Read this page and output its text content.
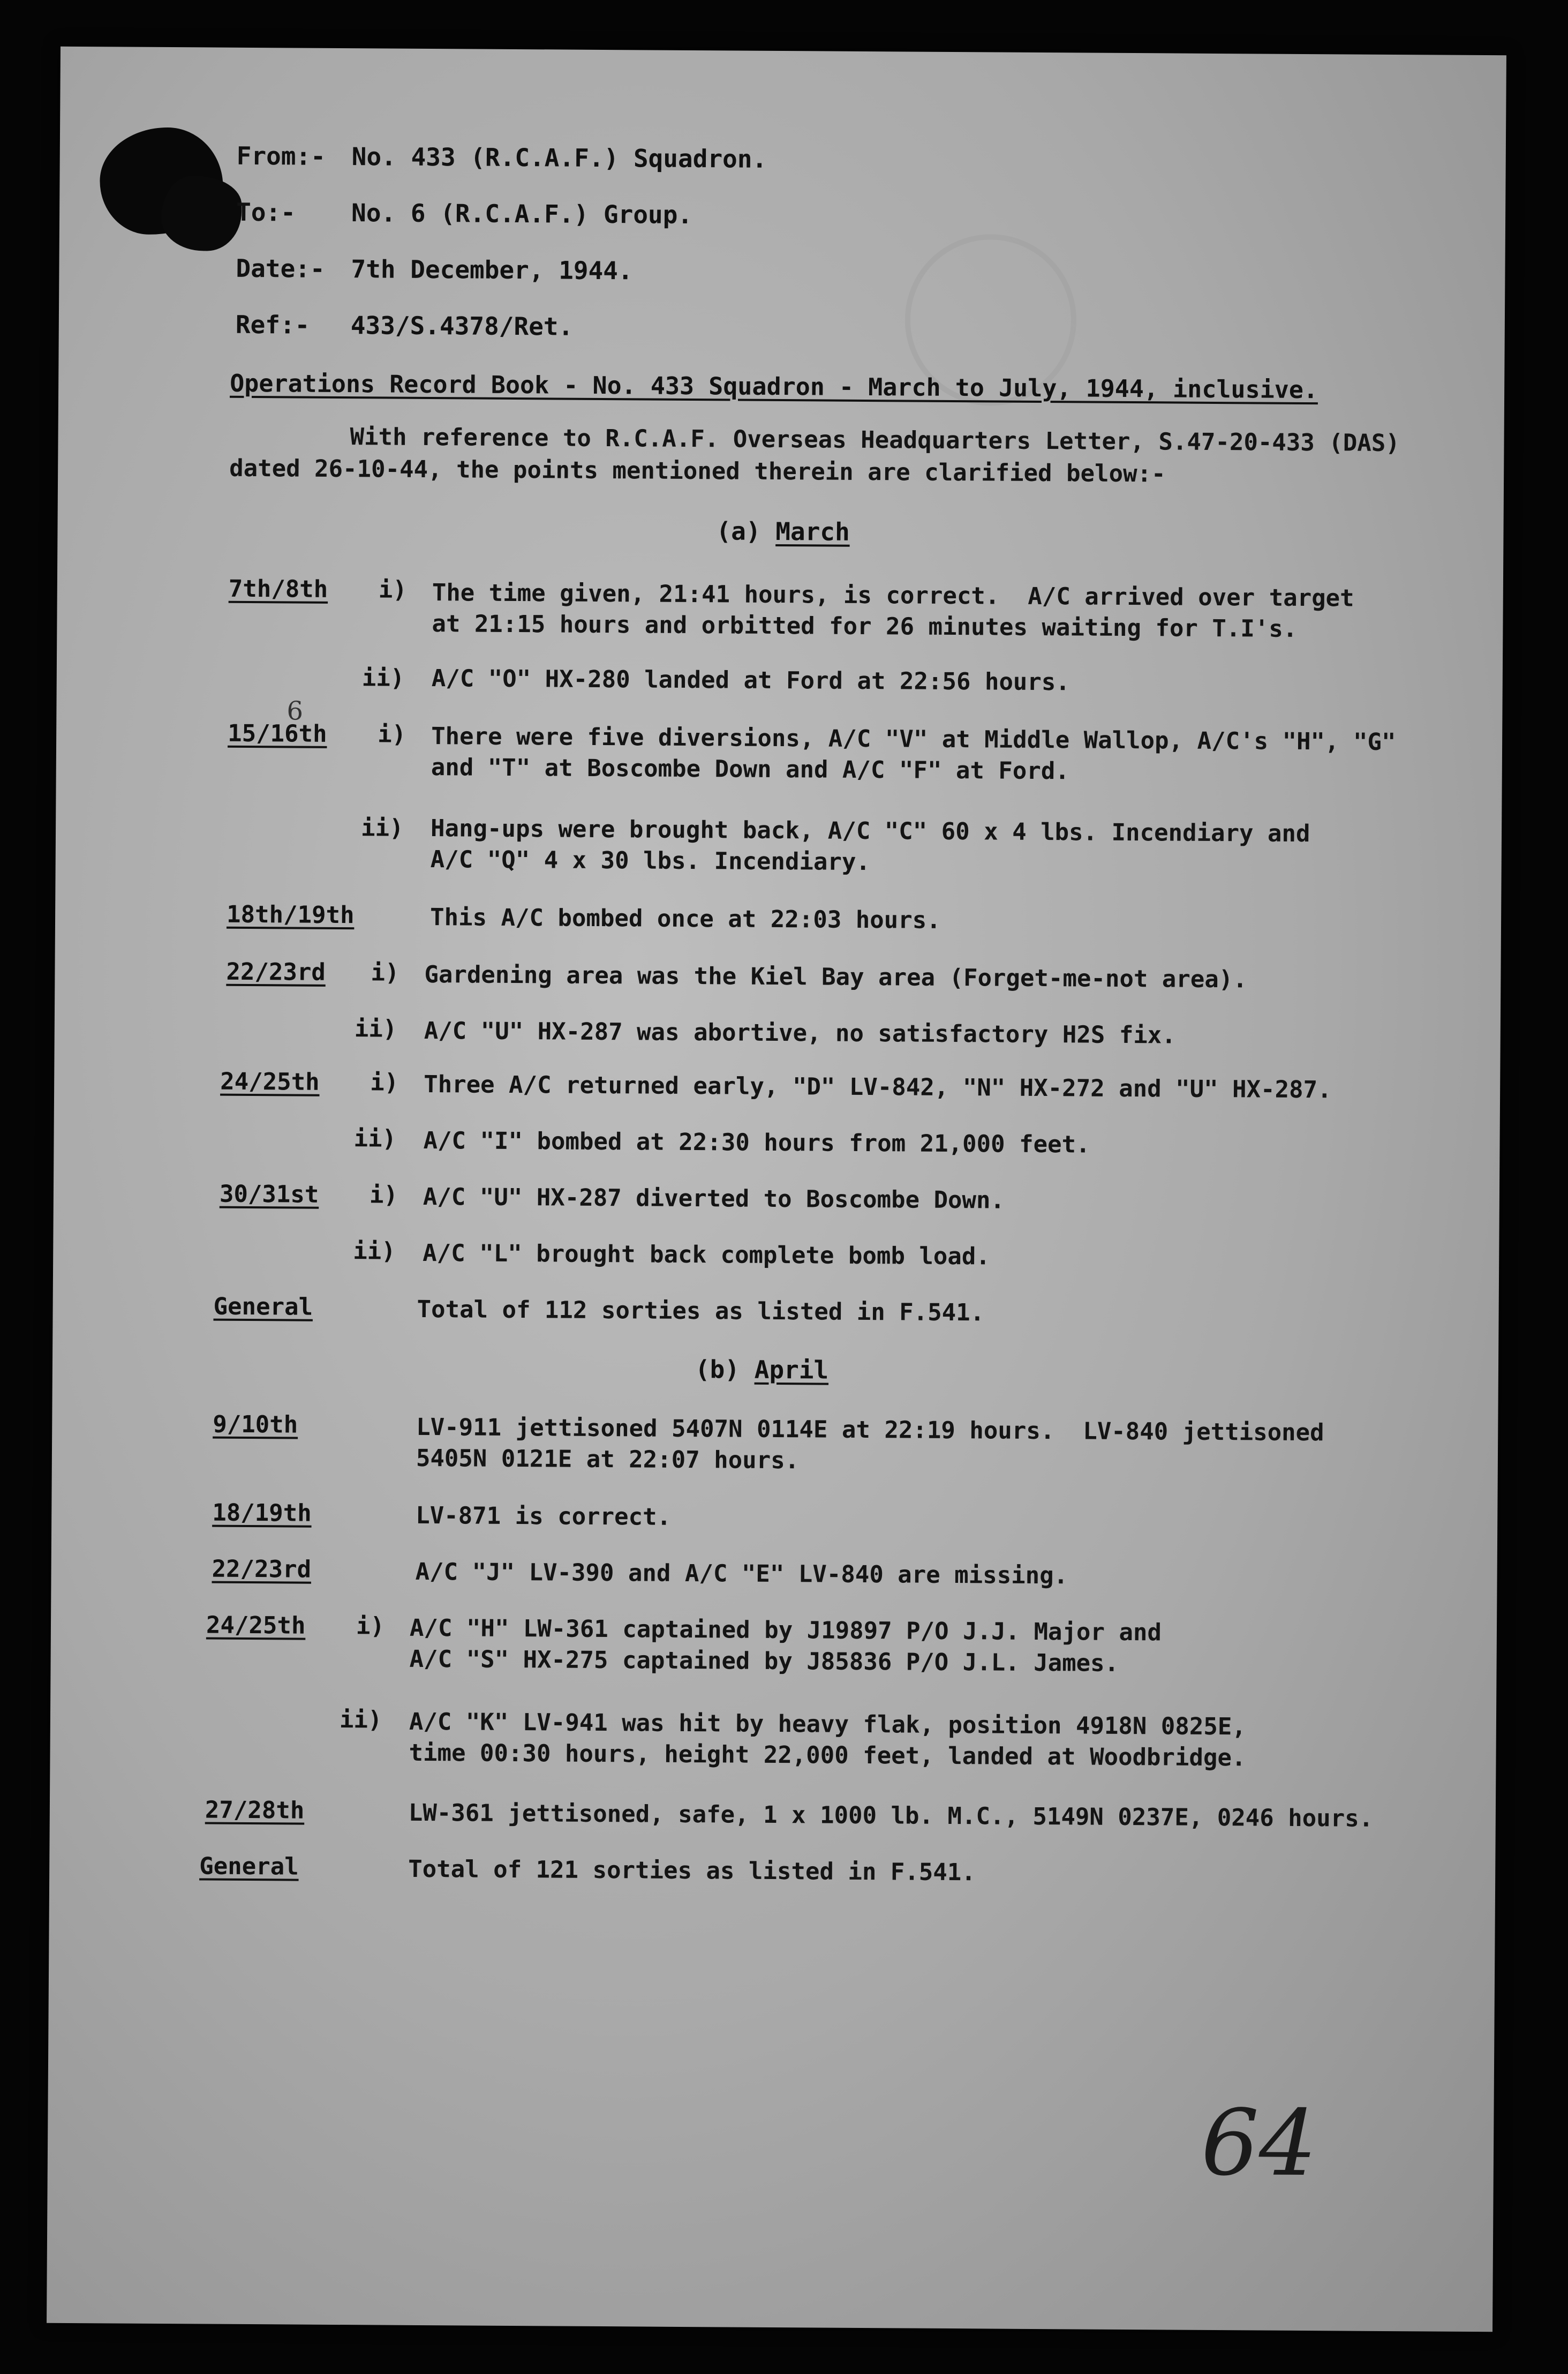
From:- No. 433 (R.C.A.F.) Squadron.
To:- No. 6 (R.C.A.F.) Group.
Date:- 7th December, 1944.
Ref:- 433/S.4378/Ret.
Operations Record Book - No. 433 Squadron - March to July, 1944, inclusive.
With reference to R.C.A.F. Overseas Headquarters Letter, S.47-20-433 (DAS)
dated 26-10-44, the points mentioned therein are clarified below:-
(a) March
7th/8th i) The time given, 21:41 hours, is correct.  A/C arrived over target
at 21:15 hours and orbitted for 26 minutes waiting for T.I's.
ii) A/C "O" HX-280 landed at Ford at 22:56 hours.
6
15/16th i) There were five diversions, A/C "V" at Middle Wallop, A/C's "H", "G"
and "T" at Boscombe Down and A/C "F" at Ford.
ii) Hang-ups were brought back, A/C "C" 60 x 4 lbs. Incendiary and
A/C "Q" 4 x 30 lbs. Incendiary.
18th/19th	This A/C bombed once at 22:03 hours.
22/23rd i) Gardening area was the Kiel Bay area (Forget-me-not area).
ii) A/C "U" HX-287 was abortive, no satisfactory H2S fix.
24/25th i) Three A/C returned early, "D" LV-842, "N" HX-272 and "U" HX-287.
ii) A/C "I" bombed at 22:30 hours from 21,000 feet.
30/31st i) A/C "U" HX-287 diverted to Boscombe Down.
ii) A/C "L" brought back complete bomb load.
General	Total of 112 sorties as listed in F.541.
(b) April
9/10th	LV-911 jettisoned 5407N 0114E at 22:19 hours.  LV-840 jettisoned
5405N 0121E at 22:07 hours.
18/19th	LV-871 is correct.
22/23rd	A/C "J" LV-390 and A/C "E" LV-840 are missing.
24/25th i) A/C "H" LW-361 captained by J19897 P/O J.J. Major and
A/C "S" HX-275 captained by J85836 P/O J.L. James.
ii) A/C "K" LV-941 was hit by heavy flak, position 4918N 0825E,
time 00:30 hours, height 22,000 feet, landed at Woodbridge.
27/28th	LW-361 jettisoned, safe, 1 x 1000 lb. M.C., 5149N 0237E, 0246 hours.
General	Total of 121 sorties as listed in F.541.
64
